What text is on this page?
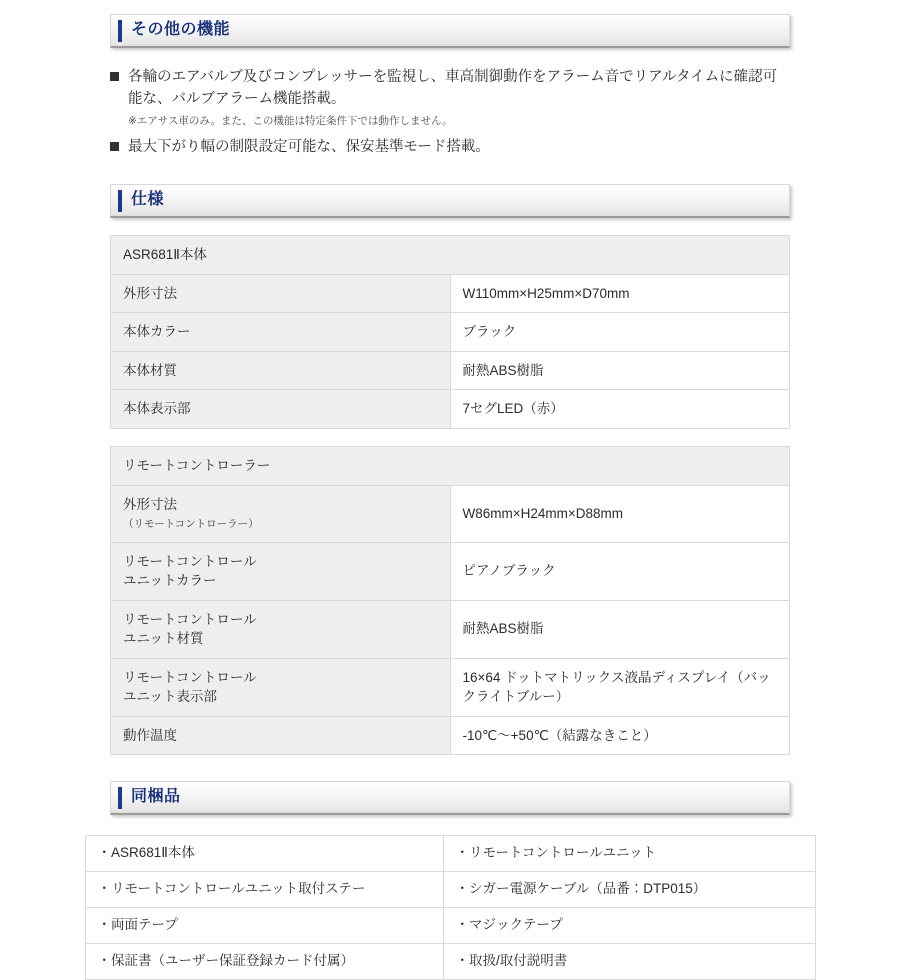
その他の機能
各輪のエアバルブ及びコンプレッサーを監視し、車高制御動作をアラーム音でリアルタイムに確認可能な、バルブアラーム機能搭載。
※エアサス車のみ。また、この機能は特定条件下では動作しません。
最大下がり幅の制限設定可能な、保安基準モード搭載。
仕様
ASR681Ⅱ本体	
外形寸法	W110mm×H25mm×D70mm
本体カラー	ブラック
本体材質	耐熱ABS樹脂
本体表示部	7セグLED（赤）
リモートコントローラー	
外形寸法
（リモートコントローラー）	W86mm×H24mm×D88mm
リモートコントロール
ユニットカラー	ピアノブラック
リモートコントロール
ユニット材質	耐熱ABS樹脂
リモートコントロール
ユニット表示部	16×64 ドットマトリックス液晶ディスプレイ（バックライトブルー）
動作温度	-10℃〜+50℃（結露なきこと）
同梱品
・ASR681Ⅱ本体	・リモートコントロールユニット
・リモートコントロールユニット取付ステー	・シガー電源ケーブル（品番：DTP015）
・両面テープ	・マジックテープ
・保証書（ユーザー保証登録カード付属）	・取扱/取付説明書
